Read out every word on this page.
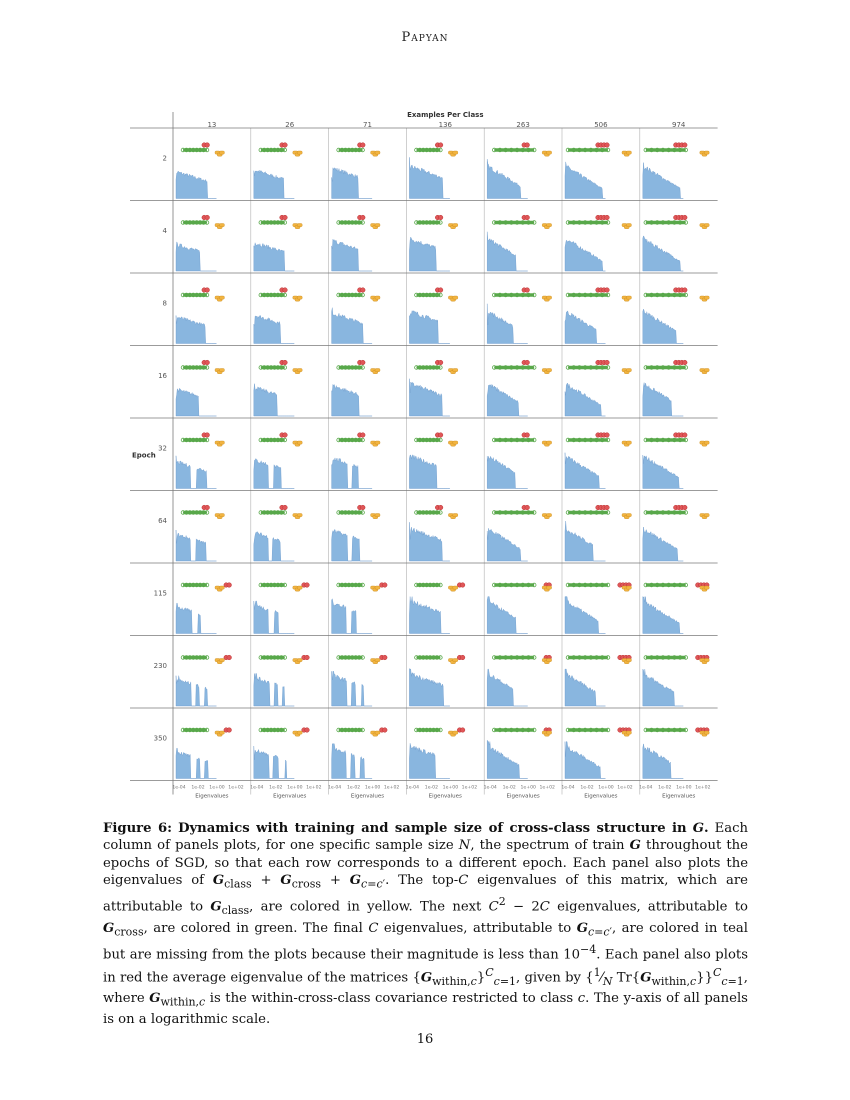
Papyan
Examples Per Class
13	26	71	136	263	506	974
Epoch
2
4
8
16
32
64
115
230
350
1e-04 1e-02 1e+00 1e+02
Eigenvalues
1e-04 1e-02 1e+00 1e+02
Eigenvalues
1e-04 1e-02 1e+00 1e+02
Eigenvalues
1e-04 1e-02 1e+00 1e+02
Eigenvalues
1e-04 1e-02 1e+00 1e+02
Eigenvalues
1e-04 1e-02 1e+00 1e+02
Eigenvalues
1e-04 1e-02 1e+00 1e+02
Eigenvalues
Figure 6: Dynamics with training and sample size of cross-class structure in G. Each column of panels plots, for one specific sample size N, the spectrum of train G throughout the epochs of SGD, so that each row corresponds to a different epoch. Each panel also plots the eigenvalues of $G_{class} + G_{cross} + G_{c=c'}$. The top-C eigenvalues of this matrix, which are attributable to $G_{class}$, are colored in yellow. The next $C^2 - 2C$ eigenvalues, attributable to $G_{cross}$, are colored in green. The final C eigenvalues, attributable to $G_{c=c'}$, are colored in teal but are missing from the plots because their magnitude is less than $10^{-4}$. Each panel also plots in red the average eigenvalue of the matrices $\{G_{within,c}\}^C_{c=1}$, given by {$^1⁄_N$ $Tr\{G_{within,c}\}\}^C_{c=1}$, where $G_{within,c}$ is the within-cross-class covariance restricted to class c. The y-axis of all panels is on a logarithmic scale.
16
